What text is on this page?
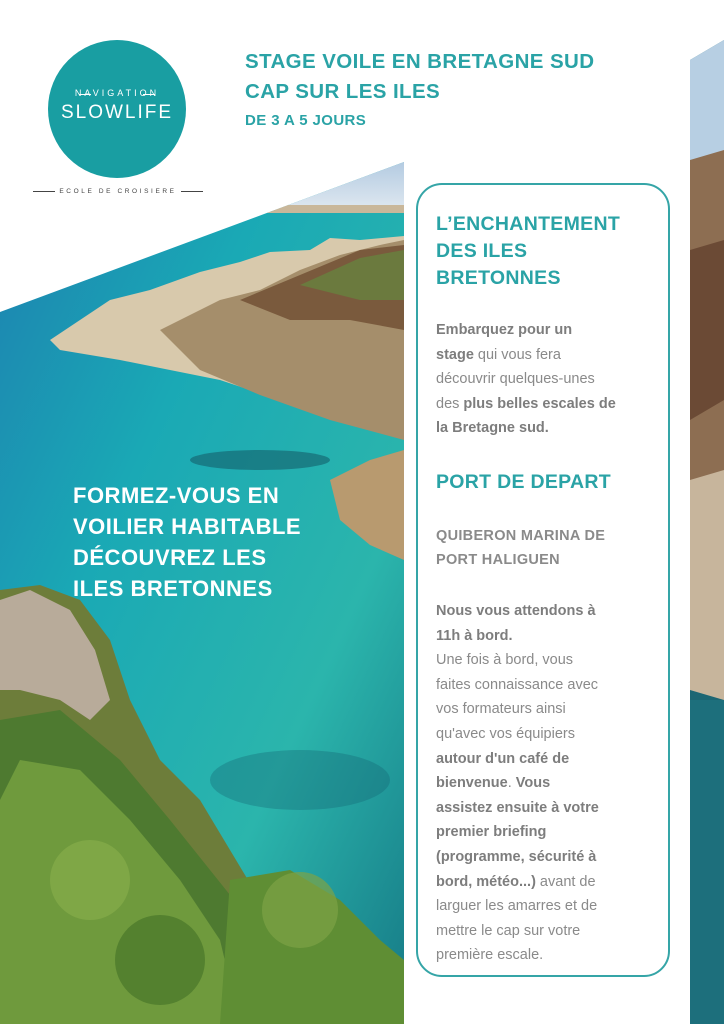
NAVIGATION
SLOWLIFE
ECOLE DE CROISIERE
STAGE VOILE EN BRETAGNE SUD
CAP SUR LES ILES
DE 3 A 5 JOURS
FORMEZ-VOUS EN
VOILIER HABITABLE
DÉCOUVREZ LES
ILES BRETONNES
L’ENCHANTEMENT
DES ILES
BRETONNES
Embarquez pour un
stage qui vous fera
découvrir quelques-unes
des plus belles escales de
la Bretagne sud.
PORT DE DEPART
QUIBERON MARINA DE
PORT HALIGUEN
Nous vous attendons à
11h à bord.
Une fois à bord, vous
faites connaissance avec
vos formateurs ainsi
qu'avec vos équipiers
autour d'un café de
bienvenue. Vous
assistez ensuite à votre
premier briefing
(programme, sécurité à
bord, météo...) avant de
larguer les amarres et de
mettre le cap sur votre
première escale.
